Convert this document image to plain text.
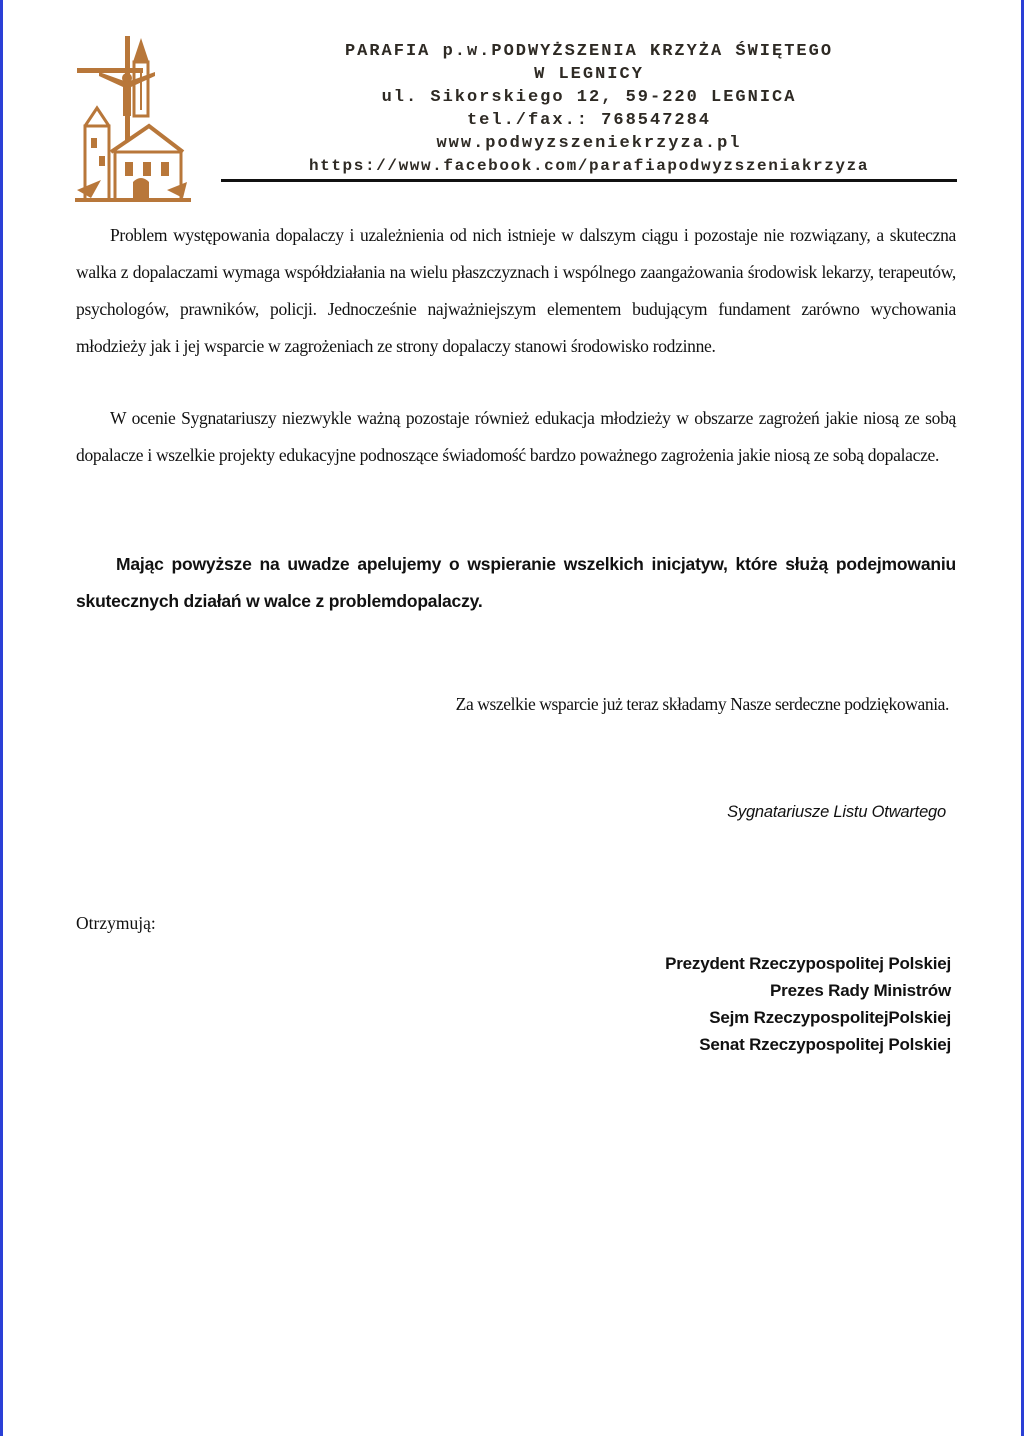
PARAFIA p.w.PODWYŻSZENIA KRZYŻA ŚWIĘTEGO
W LEGNICY
ul. Sikorskiego 12, 59-220 LEGNICA
tel./fax.: 768547284
www.podwyzszeniekrzyza.pl
https://www.facebook.com/parafiapodwyzszeniakrzyza

Problem występowania dopalaczy i uzależnienia od nich istnieje w dalszym ciągu i pozostaje nie rozwiązany, a skuteczna walka z dopalaczami wymaga współdziałania na wielu płaszczyznach i wspólnego zaangażowania środowisk lekarzy, terapeutów, psychologów, prawników, policji. Jednocześnie najważniejszym elementem budującym fundament zarówno wychowania młodzieży jak i jej wsparcie w zagrożeniach ze strony dopalaczy stanowi środowisko rodzinne.

W ocenie Sygnatariuszy niezwykle ważną pozostaje również edukacja młodzieży w obszarze zagrożeń jakie niosą ze sobą dopalacze i wszelkie projekty edukacyjne podnoszące świadomość bardzo poważnego zagrożenia jakie niosą ze sobą dopalacze.

Mając powyższe na uwadze apelujemy o wspieranie wszelkich inicjatyw, które służą podejmowaniu skutecznych działań w walce z problemdopalaczy.

Za wszelkie wsparcie już teraz składamy Nasze serdeczne podziękowania.
Sygnatariusze Listu Otwartego
Otrzymują:
Prezydent Rzeczypospolitej Polskiej
Prezes Rady Ministrów
Sejm RzeczypospolitejPolskiej
Senat Rzeczypospolitej Polskiej
